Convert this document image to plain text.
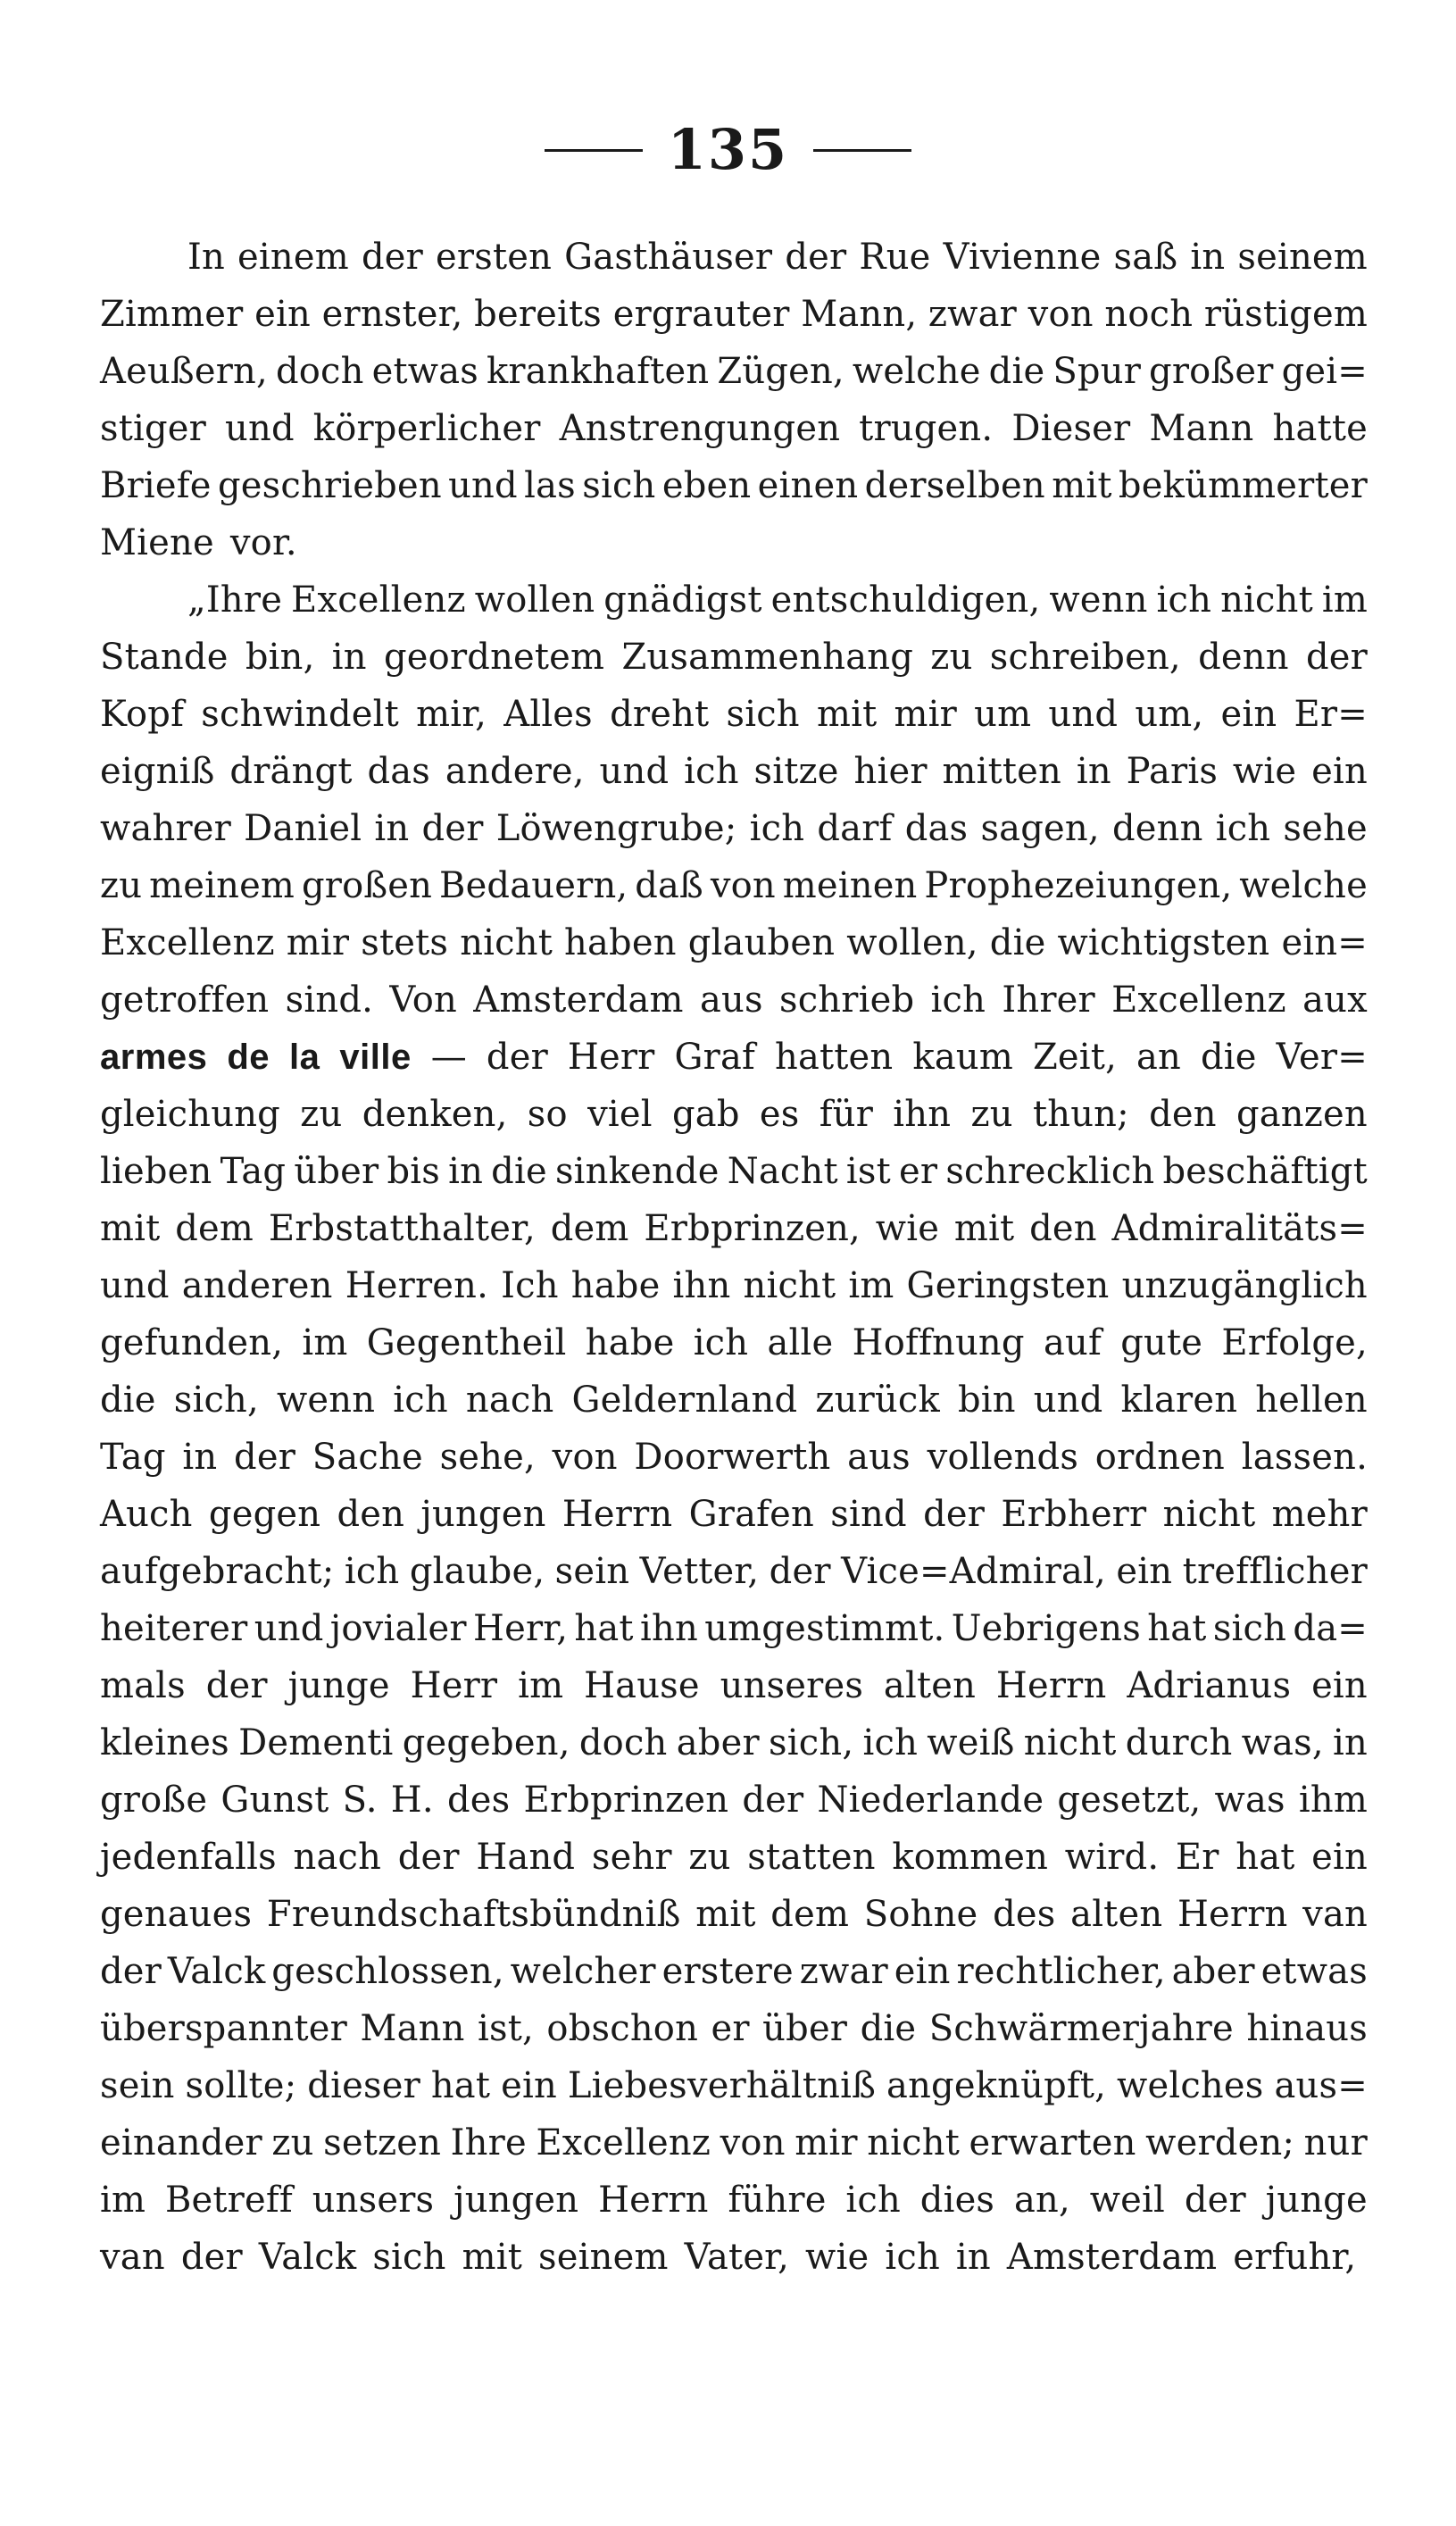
135
In einem der ersten Gasthäuser der Rue Vivienne saß in seinem
Zimmer ein ernster, bereits ergrauter Mann, zwar von noch rüstigem
Aeußern, doch etwas krankhaften Zügen, welche die Spur großer gei=
stiger und körperlicher Anstrengungen trugen. Dieser Mann hatte
Briefe geschrieben und las sich eben einen derselben mit bekümmerter
Miene vor.
„Ihre Excellenz wollen gnädigst entschuldigen, wenn ich nicht im
Stande bin, in geordnetem Zusammenhang zu schreiben, denn der
Kopf schwindelt mir, Alles dreht sich mit mir um und um, ein Er=
eigniß drängt das andere, und ich sitze hier mitten in Paris wie ein
wahrer Daniel in der Löwengrube; ich darf das sagen, denn ich sehe
zu meinem großen Bedauern, daß von meinen Prophezeiungen, welche
Excellenz mir stets nicht haben glauben wollen, die wichtigsten ein=
getroffen sind. Von Amsterdam aus schrieb ich Ihrer Excellenz aux
armes de la ville — der Herr Graf hatten kaum Zeit, an die Ver=
gleichung zu denken, so viel gab es für ihn zu thun; den ganzen
lieben Tag über bis in die sinkende Nacht ist er schrecklich beschäftigt
mit dem Erbstatthalter, dem Erbprinzen, wie mit den Admiralitäts=
und anderen Herren. Ich habe ihn nicht im Geringsten unzugänglich
gefunden, im Gegentheil habe ich alle Hoffnung auf gute Erfolge,
die sich, wenn ich nach Geldernland zurück bin und klaren hellen
Tag in der Sache sehe, von Doorwerth aus vollends ordnen lassen.
Auch gegen den jungen Herrn Grafen sind der Erbherr nicht mehr
aufgebracht; ich glaube, sein Vetter, der Vice=Admiral, ein trefflicher
heiterer und jovialer Herr, hat ihn umgestimmt. Uebrigens hat sich da=
mals der junge Herr im Hause unseres alten Herrn Adrianus ein
kleines Dementi gegeben, doch aber sich, ich weiß nicht durch was, in
große Gunst S. H. des Erbprinzen der Niederlande gesetzt, was ihm
jedenfalls nach der Hand sehr zu statten kommen wird. Er hat ein
genaues Freundschaftsbündniß mit dem Sohne des alten Herrn van
der Valck geschlossen, welcher erstere zwar ein rechtlicher, aber etwas
überspannter Mann ist, obschon er über die Schwärmerjahre hinaus
sein sollte; dieser hat ein Liebesverhältniß angeknüpft, welches aus=
einander zu setzen Ihre Excellenz von mir nicht erwarten werden; nur
im Betreff unsers jungen Herrn führe ich dies an, weil der junge
van der Valck sich mit seinem Vater, wie ich in Amsterdam erfuhr,
